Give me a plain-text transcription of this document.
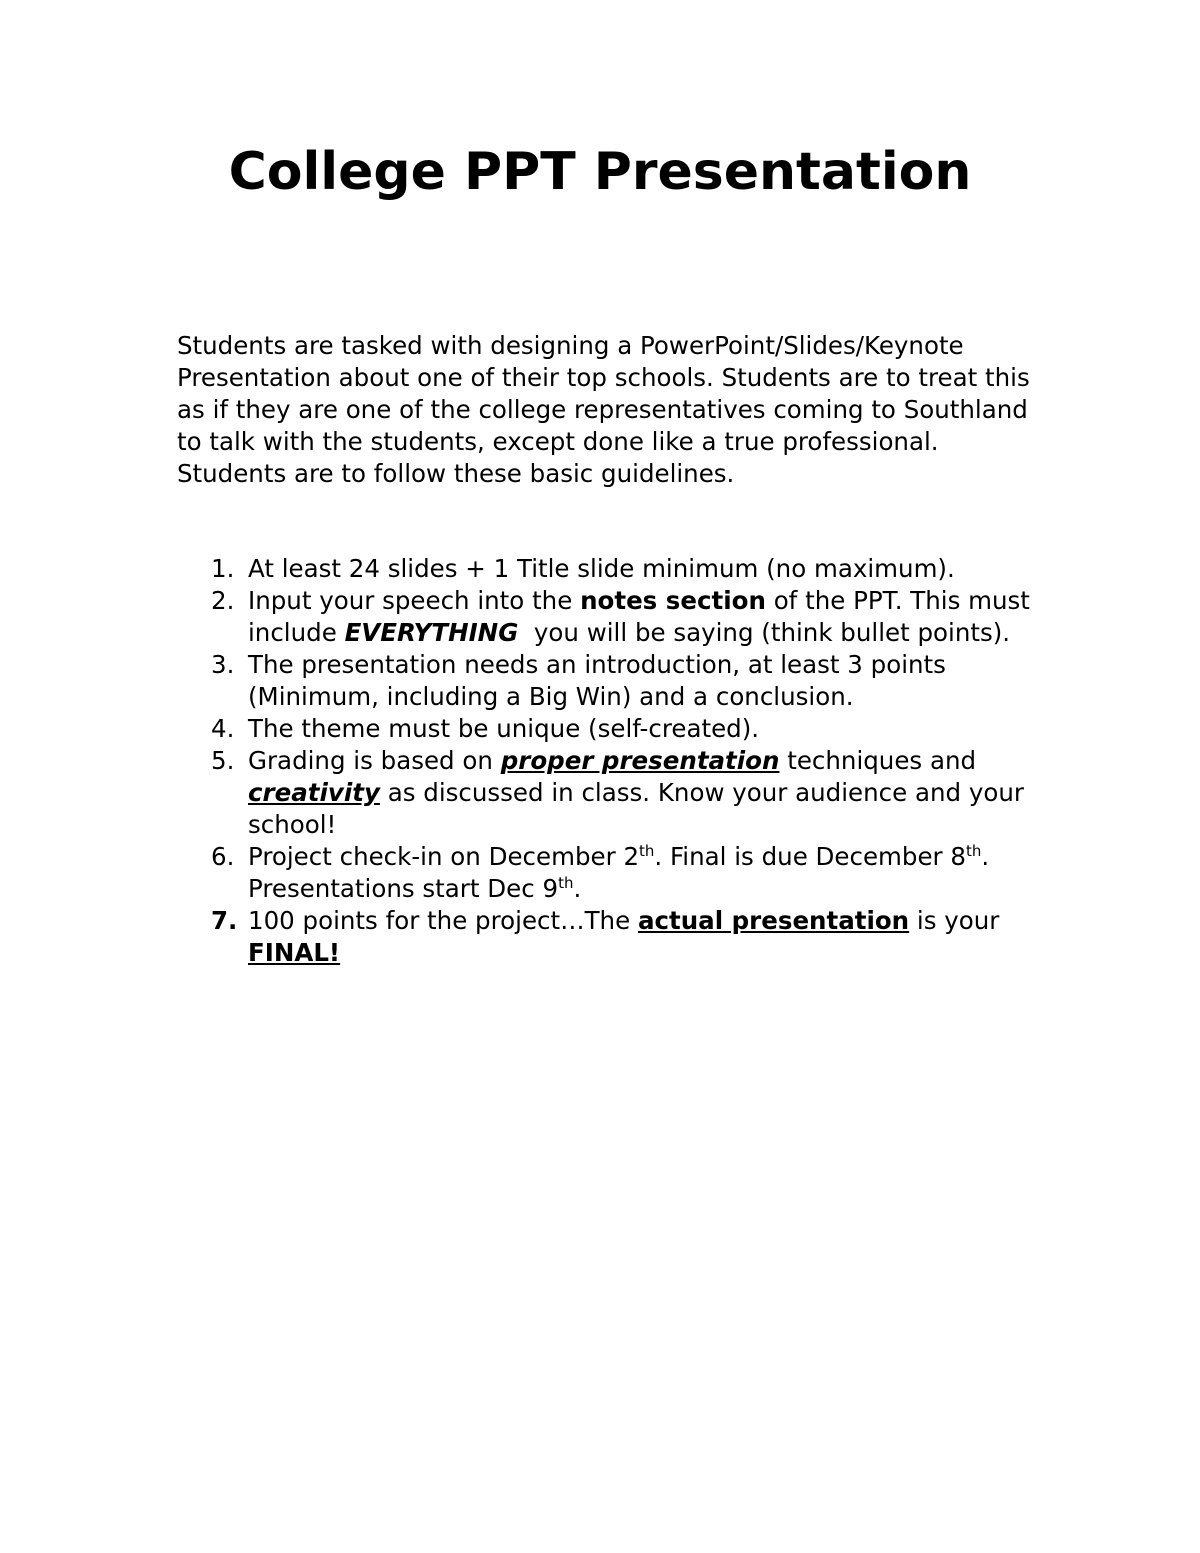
College PPT Presentation

Students are tasked with designing a PowerPoint/Slides/Keynote Presentation about one of their top schools. Students are to treat this as if they are one of the college representatives coming to Southland to talk with the students, except done like a true professional. Students are to follow these basic guidelines.

1. At least 24 slides + 1 Title slide minimum (no maximum).
2. Input your speech into the notes section of the PPT. This must include EVERYTHING  you will be saying (think bullet points).
3. The presentation needs an introduction, at least 3 points (Minimum, including a Big Win) and a conclusion.
4. The theme must be unique (self-created).
5. Grading is based on proper presentation techniques and creativity as discussed in class. Know your audience and your school!
6. Project check-in on December 2th. Final is due December 8th. Presentations start Dec 9th.
7. 100 points for the project…The actual presentation is your FINAL!
